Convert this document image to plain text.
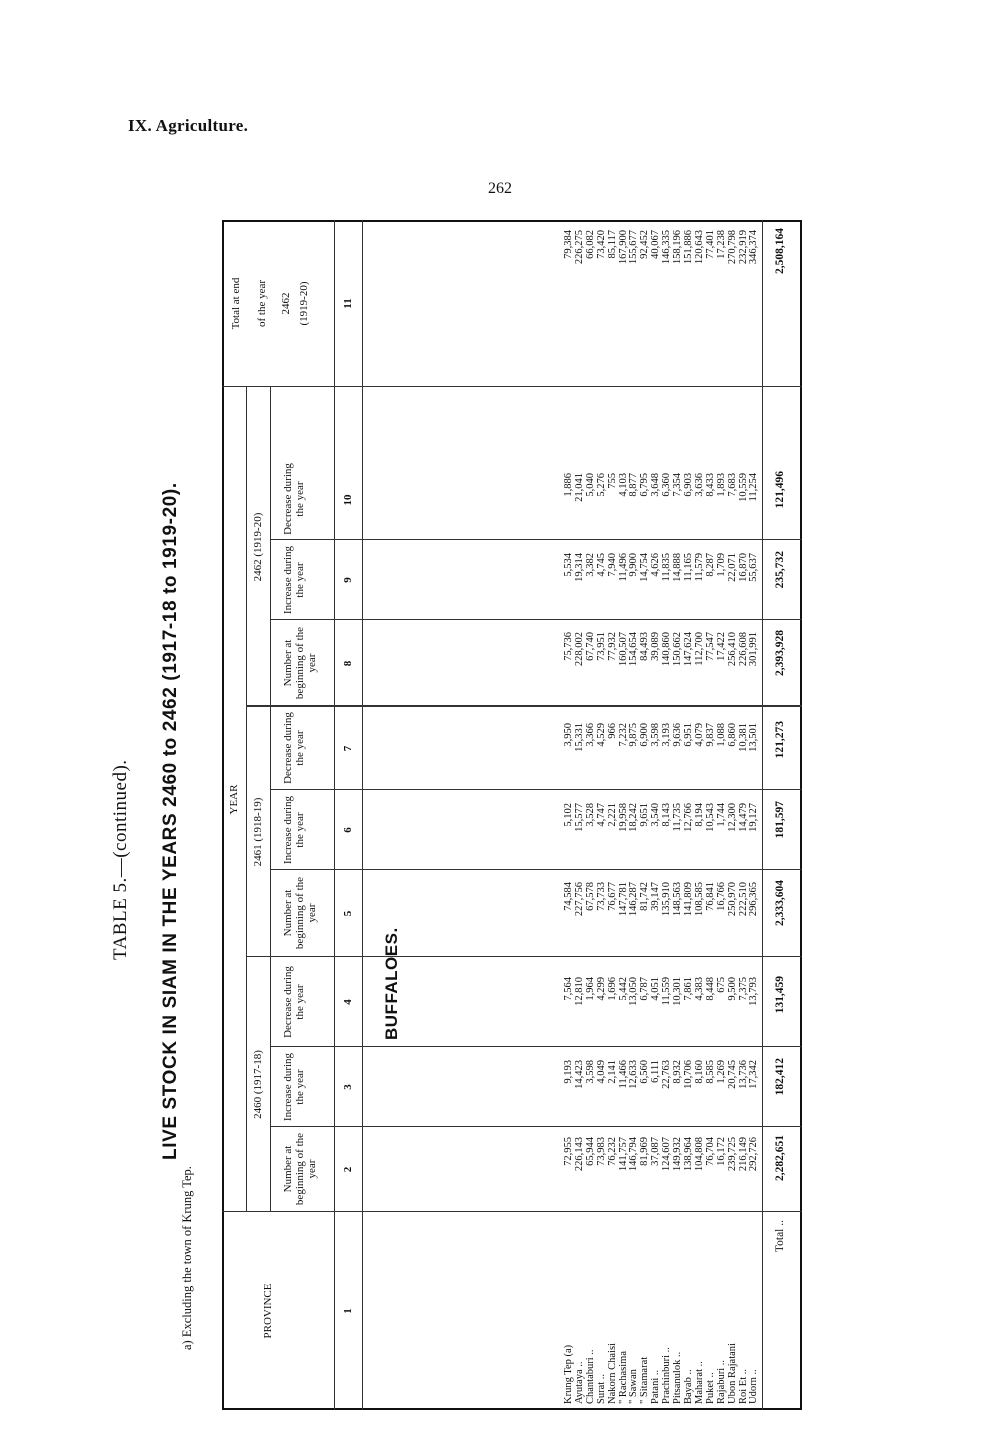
IX. Agriculture.
262
TABLE 5.—(continued). LIVE STOCK IN SIAM IN THE YEARS 2460 to 2462 (1917-18 to 1919-20).
a) Excluding the town of Krung Tep.	PROVINCE
YEAR
Total at end of the year 2462 (1919-20)
2460 (1917-18)
2461 (1918-19)
2462 (1919-20)
Number at beginning of the year
Increase during the year
Decrease during the year
Number at beginning of the year
Increase during the year
Decrease during the year
Number at beginning of the year
Increase during the year
Decrease during the year
1
2
3
4
5
6
7
8
9
10
11
BUFFALOES.
Krung Tep (a) Ayutaya .. Chantaburi .. Surat .. Nakorn Chaisi " Rachasima " Sawan " Sitamarat Patani .. Prachinburi .. Pitsanulok .. Bayab .. Maharat .. Puket .. Rajaburi .. Ubon Rajatani Roi Et .. Udorn ..
72,955 226,143 65,944 73,983 76,232 141,757 146,794 81,969 37,087 124,607 149,932 138,964 104,808 76,704 16,172 239,725 216,149 292,726
9,193 14,423 3,598 4,049 2,141 11,466 12,633 6,560 6,111 22,763 8,932 10,706 8,160 8,585 1,269 20,745 13,736 17,342
7,564 12,810 1,964 4,299 1,696 5,442 13,050 6,787 4,051 11,559 10,301 7,861 4,383 8,448 675 9,500 7,375 13,793
74,584 227,756 67,578 73,733 76,677 147,781 146,287 81,742 39,147 135,910 148,563 141,809 108,585 76,841 16,766 250,970 222,510 296,365
5,102 15,577 3,528 4,747 2,221 19,958 18,242 9,651 3,540 8,143 11,735 12,766 8,194 10,543 1,744 12,300 14,479 19,127
3,950 15,331 3,366 4,529 966 7,232 9,875 6,900 3,598 3,193 9,636 6,951 4,079 9,837 1,088 6,860 10,381 13,501
75,736 228,002 67,740 73,951 77,932 160,507 154,654 84,493 39,089 140,860 150,662 147,624 112,700 77,547 17,422 256,410 226,608 301,991
5,534 19,314 3,382 4,745 7,940 11,496 9,900 14,754 4,626 11,835 14,888 11,165 11,579 8,287 1,709 22,071 16,870 55,637
1,886 21,041 5,040 5,276 755 4,103 8,877 6,795 3,648 6,360 7,354 6,903 3,636 8,433 1,893 7,683 10,559 11,254
79,384 226,275 66,082 73,420 85,117 167,900 155,677 92,452 40,067 146,335 158,196 151,886 120,643 77,401 17,238 270,798 232,919 346,374
Total ..
2,282,651
182,412
131,459
2,333,604
181,597
121,273
2,393,928
235,732
121,496
2,508,164
